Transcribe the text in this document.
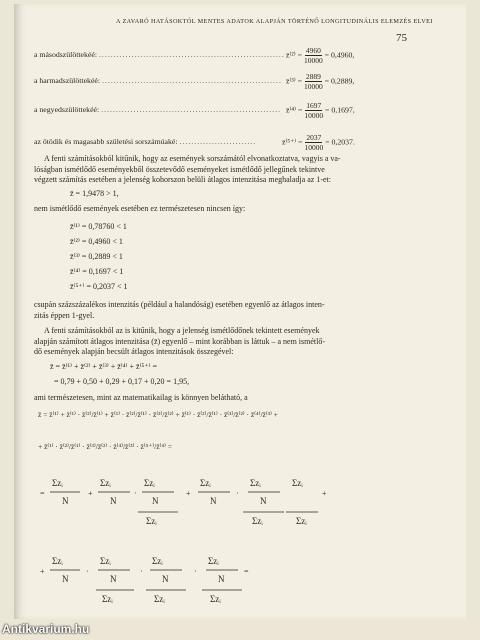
A ZAVARÓ HATÁSOKTÓL MENTES ADATOK ALAPJÁN TÖRTÉNŐ LONGITUDINÁLIS ELEMZÉS ELVEI
75
a másodszülöttekéé: ............................................................... z̄⁽²⁾ = $\frac{4960}{10000} = 0,4960$,
a harmadszülöttekéé: ............................................................. z̄⁽³⁾ = $\frac{2889}{10000} = 0,2889$,
a negyedszülöttekéé: ............................................................. z̄⁽⁴⁾ = $\frac{1697}{10000} = 0,1697$,
az ötödik és magasabb születési sorszámúaké: ..........................	z̄⁽⁵⁺⁾ = $\frac{2037}{10000} = 0,2037$.
A fenti számításokból kitűnik, hogy az események sorszámától elvonatkoztatva, vagyis a va-
lóságban ismétlődő eseményekből összetevődő eseményeket ismétlődő jellegűnek tekintve
végzett számítás esetében a jelenség kohorszon belüli átlagos intenzitása meghaladja az 1-et:
z̄ = 1,9478 > 1,
nem ismétlődő események esetében ez természetesen nincsen így:
z̄⁽¹⁾ = 0,78760 < 1
z̄⁽²⁾ = 0,4960 < 1
z̄⁽³⁾ = 0,2889 < 1
z̄⁽⁴⁾ = 0,1697 < 1
z̄⁽⁵⁺⁾ = 0,2037 < 1
csupán százszázalékos intenzitás (például a halandóság) esetében egyenlő az átlagos inten-
zitás éppen 1-gyel.
A fenti számításokból az is kitűnik, hogy a jelenség ismétlődőnek tekintett események
alapján számított átlagos intenzitása (z̄) egyenlő – mint korábban is láttuk – a nem ismétlő-
dő események alapján becsült átlagos intenzitások összegével:
z̄ = z̄⁽¹⁾ + z̄⁽²⁾ + z̄⁽³⁾ + z̄⁽⁴⁾ + z̄⁽⁵⁺⁾ =
= 0,79 + 0,50 + 0,29 + 0,17 + 0,20 = 1,95,
ami természetesen, mint az matematikailag is könnyen belátható, a
z̄ = z̄⁽¹⁾ + z̄⁽¹⁾ · z̄⁽²⁾/z̄⁽¹⁾ + z̄⁽¹⁾ · z̄⁽²⁾/z̄⁽¹⁾ · z̄⁽³⁾/z̄⁽²⁾ + z̄⁽¹⁾ · z̄⁽²⁾/z̄⁽¹⁾ · z̄⁽³⁾/z̄⁽²⁾ · z̄⁽⁴⁾/z̄⁽³⁾ +
+ z̄⁽¹⁾ · z̄⁽²⁾/z̄⁽¹⁾ · z̄⁽³⁾/z̄⁽²⁾ · z̄⁽⁴⁾/z̄⁽³⁾ · z̄⁽⁵⁺⁾/z̄⁽⁴⁾ =
=	+	·	+	·	+
Σzᵢ
N
Σzᵢ
N
Σzᵢ
N
Σzᵢ
Σzᵢ
N
Σzᵢ
N
Σzᵢ
Σzᵢ
Σzᵢ
+	·	·	·	=
Σzᵢ
N
Σzᵢ
N
Σzᵢ
Σzᵢ
N
Σzᵢ
Σzᵢ
N
Σzᵢ
Antikvarium.hu
